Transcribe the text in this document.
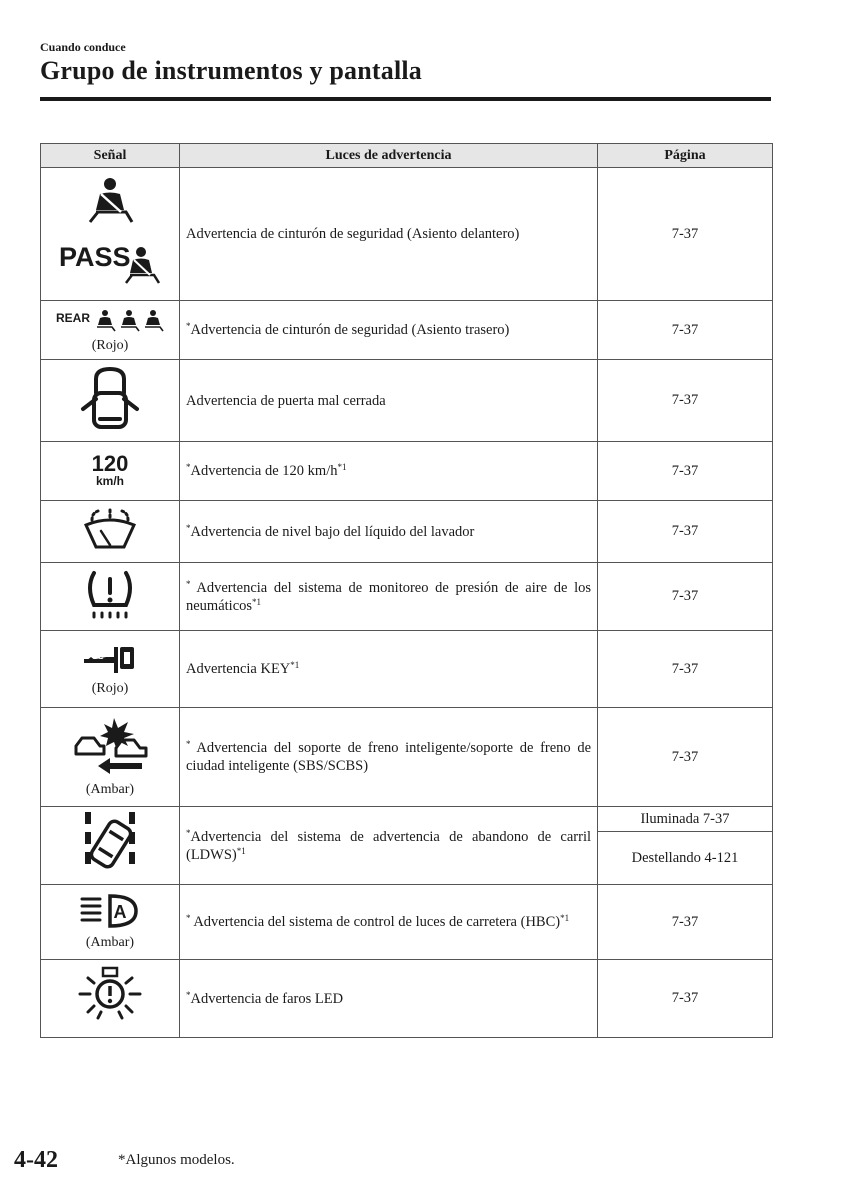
Cuando conduce
Grupo de instrumentos y pantalla
Señal	Luces de advertencia	Página

PASS	Advertencia de cinturón de seguridad (Asiento delantero)	7-37

REAR
(Rojo)	*Advertencia de cinturón de seguridad (Asiento trasero)	7-37
	Advertencia de puerta mal cerrada	7-37

120
km/h	*Advertencia de 120 $km/h^{*1}$	7-37
	*Advertencia de nivel bajo del líquido del lavador	7-37
	* Advertencia del sistema de monitoreo de presión de aire de los neumáticos$^{*1}$	7-37

(Rojo)	Advertencia KEY$^{*1}$	7-37

(Ambar)	* Advertencia del soporte de freno inteligente/soporte de freno de ciudad inteligente (SBS/SCBS)	7-37
	*Advertencia del sistema de advertencia de abandono de carril (LDWS)$^{*1}$	Iluminada 7-37
		Destellando 4-121

A
(Ambar)	* Advertencia del sistema de control de luces de carretera (HBC)$^{*1}$	7-37
	*Advertencia de faros LED	7-37
4-42	*Algunos modelos.
